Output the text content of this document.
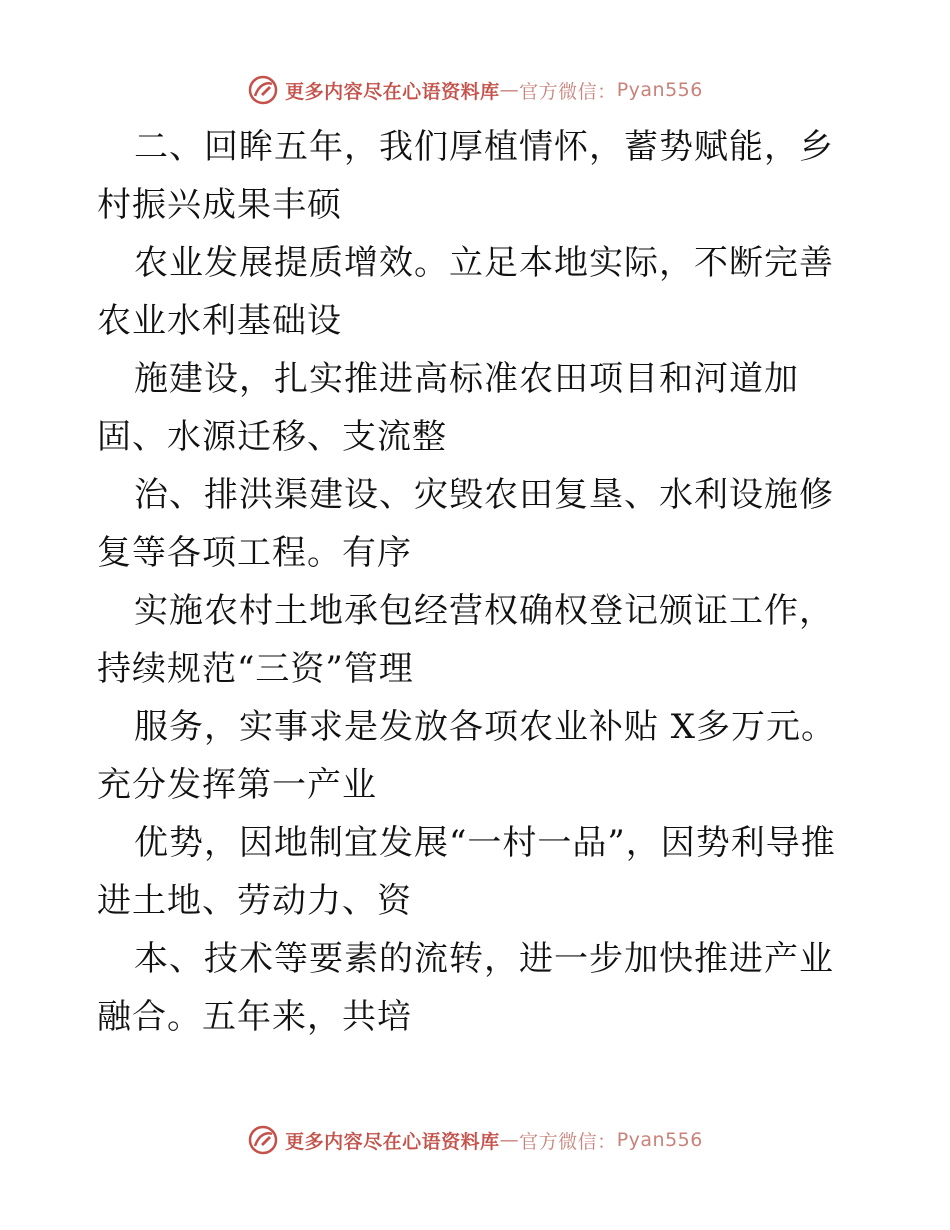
更多内容尽在心语资料库 — 官方微信： Pyan556

二、回眸五年，我们厚植情怀，蓄势赋能，乡村振兴成果丰硕

农业发展提质增效。立足本地实际，不断完善农业水利基础设

施建设，扎实推进高标准农田项目和河道加固、水源迁移、支流整

治、排洪渠建设、灾毁农田复垦、水利设施修复等各项工程。有序

实施农村土地承包经营权确权登记颁证工作，持续规范“三资”管理

服务，实事求是发放各项农业补贴 X多万元。充分发挥第一产业

优势，因地制宜发展“一村一品”，因势利导推进土地、劳动力、资

本、技术等要素的流转，进一步加快推进产业融合。五年来，共培

更多内容尽在心语资料库 — 官方微信： Pyan556
